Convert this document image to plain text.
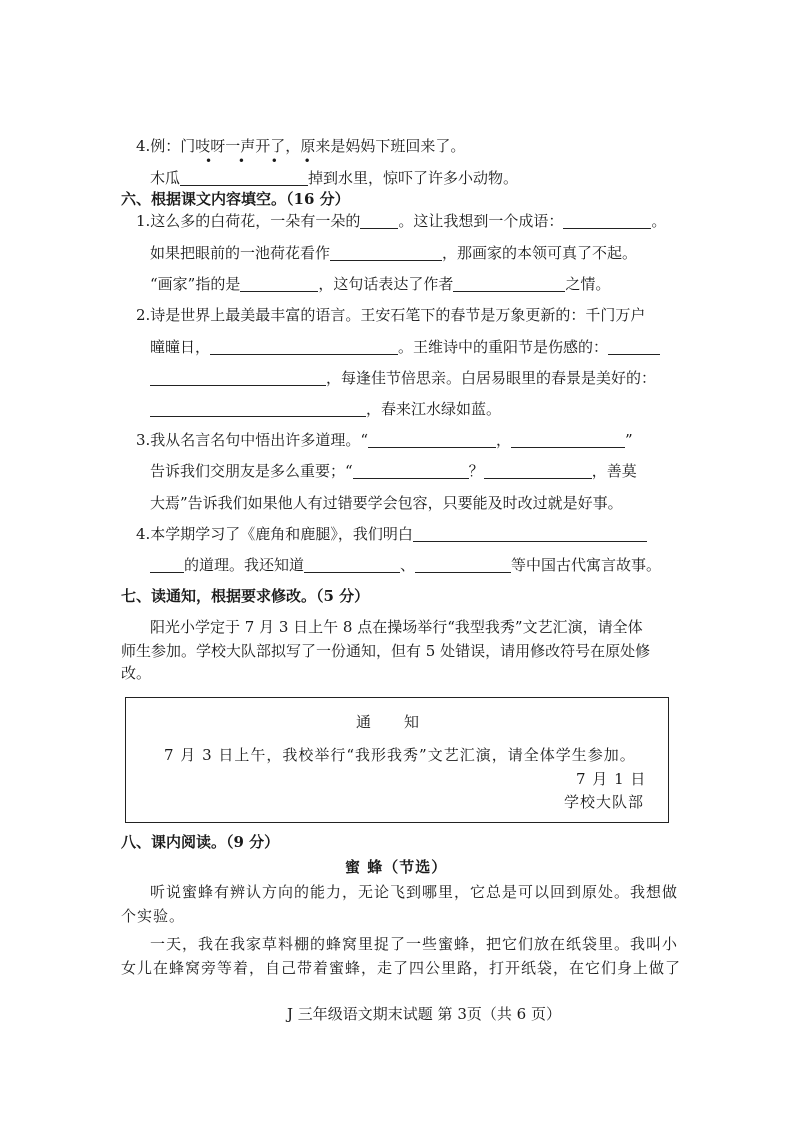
4.例：门吱呀一声开了，原来是妈妈下班回来了。
• • • •
木瓜	掉到水里，惊吓了许多小动物。
六、根据课文内容填空。（16 分）
1.这么多的白荷花，一朵有一朵的	。这让我想到一个成语：	。
如果把眼前的一池荷花看作	，那画家的本领可真了不起。
“画家”指的是	，这句话表达了作者	之情。
2.诗是世界上最美最丰富的语言。王安石笔下的春节是万象更新的：千门万户
曈曈日，	。王维诗中的重阳节是伤感的：
，每逢佳节倍思亲。白居易眼里的春景是美好的：
，春来江水绿如蓝。
3.我从名言名句中悟出许多道理。“	，	”
告诉我们交朋友是多么重要；“	？	，善莫
大焉”告诉我们如果他人有过错要学会包容，只要能及时改过就是好事。
4.本学期学习了《鹿角和鹿腿》，我们明白
的道理。我还知道	、	等中国古代寓言故事。
七、读通知，根据要求修改。（5 分）
阳光小学定于 7 月 3 日上午 8 点在操场举行“我型我秀”文艺汇演，请全体
师生参加。学校大队部拟写了一份通知，但有 5 处错误，请用修改符号在原处修
改。
通　　知
7 月 3 日上午，我校举行“我形我秀”文艺汇演，请全体学生参加。
7 月 1 日
学校大队部
八、课内阅读。（9 分）
蜜 蜂（节选）
听说蜜蜂有辨认方向的能力，无论飞到哪里，它总是可以回到原处。我想做
个实验。
一天，我在我家草料棚的蜂窝里捉了一些蜜蜂，把它们放在纸袋里。我叫小
女儿在蜂窝旁等着，自己带着蜜蜂，走了四公里路，打开纸袋，在它们身上做了
J 三年级语文期末试题 第 3页（共 6 页）
